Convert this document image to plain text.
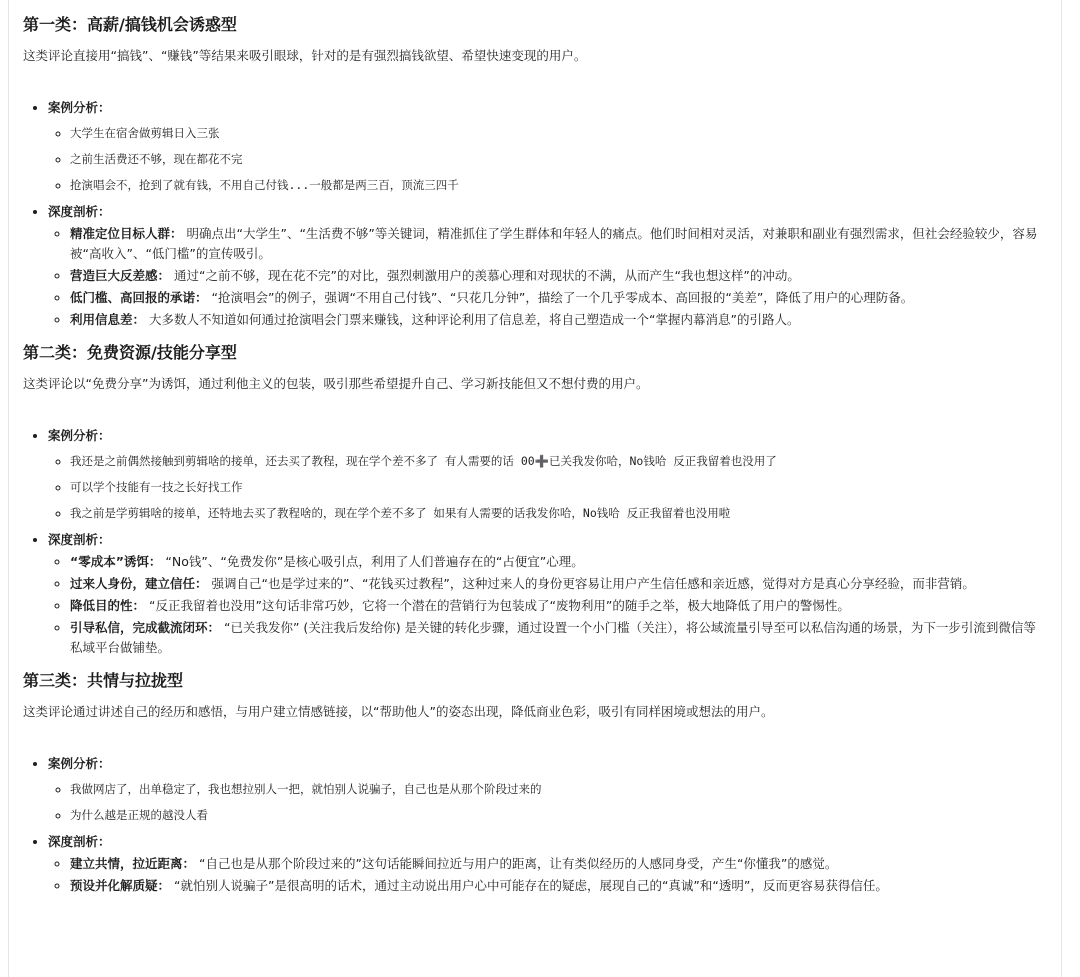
第一类：高薪/搞钱机会诱惑型

这类评论直接用“搞钱”、“赚钱”等结果来吸引眼球，针对的是有强烈搞钱欲望、希望快速变现的用户。

• 案例分析：
◦ 大学生在宿舍做剪辑日入三张
◦ 之前生活费还不够，现在都花不完
◦ 抢演唱会不，抢到了就有钱，不用自己付钱...一般都是两三百，顶流三四千
• 深度剖析：
◦ 精准定位目标人群： 明确点出“大学生”、“生活费不够”等关键词，精准抓住了学生群体和年轻人的痛点。他们时间相对灵活，对兼职和副业有强烈需求，但社会经验较少，容易被“高收入”、“低门槛”的宣传吸引。
◦ 营造巨大反差感： 通过“之前不够，现在花不完”的对比，强烈刺激用户的羡慕心理和对现状的不满，从而产生“我也想这样”的冲动。
◦ 低门槛、高回报的承诺： “抢演唱会”的例子，强调“不用自己付钱”、“只花几分钟”，描绘了一个几乎零成本、高回报的“美差”，降低了用户的心理防备。
◦ 利用信息差： 大多数人不知道如何通过抢演唱会门票来赚钱，这种评论利用了信息差，将自己塑造成一个“掌握内幕消息”的引路人。
第二类：免费资源/技能分享型

这类评论以“免费分享”为诱饵，通过利他主义的包装，吸引那些希望提升自己、学习新技能但又不想付费的用户。

• 案例分析：
◦ 我还是之前偶然接触到剪辑啥的接单，还去买了教程，现在学个差不多了 有人需要的话 00➕已关我发你哈，No钱哈 反正我留着也没用了
◦ 可以学个技能有一技之长好找工作
◦ 我之前是学剪辑啥的接单，还特地去买了教程啥的，现在学个差不多了 如果有人需要的话我发你哈，No钱哈 反正我留着也没用啦
• 深度剖析：
◦ “零成本”诱饵： “No钱”、“免费发你”是核心吸引点，利用了人们普遍存在的“占便宜”心理。
◦ 过来人身份，建立信任： 强调自己“也是学过来的”、“花钱买过教程”，这种过来人的身份更容易让用户产生信任感和亲近感，觉得对方是真心分享经验，而非营销。
◦ 降低目的性： “反正我留着也没用”这句话非常巧妙，它将一个潜在的营销行为包装成了“废物利用”的随手之举，极大地降低了用户的警惕性。
◦ 引导私信，完成截流闭环： “已关我发你” (关注我后发给你) 是关键的转化步骤，通过设置一个小门槛（关注），将公域流量引导至可以私信沟通的场景，为下一步引流到微信等私域平台做铺垫。
第三类：共情与拉拢型

这类评论通过讲述自己的经历和感悟，与用户建立情感链接，以“帮助他人”的姿态出现，降低商业色彩，吸引有同样困境或想法的用户。

• 案例分析：
◦ 我做网店了，出单稳定了，我也想拉别人一把，就怕别人说骗子，自己也是从那个阶段过来的
◦ 为什么越是正规的越没人看
• 深度剖析：
◦ 建立共情，拉近距离： “自己也是从那个阶段过来的”这句话能瞬间拉近与用户的距离，让有类似经历的人感同身受，产生“你懂我”的感觉。
◦ 预设并化解质疑： “就怕别人说骗子”是很高明的话术，通过主动说出用户心中可能存在的疑虑，展现自己的“真诚”和“透明”，反而更容易获得信任。
